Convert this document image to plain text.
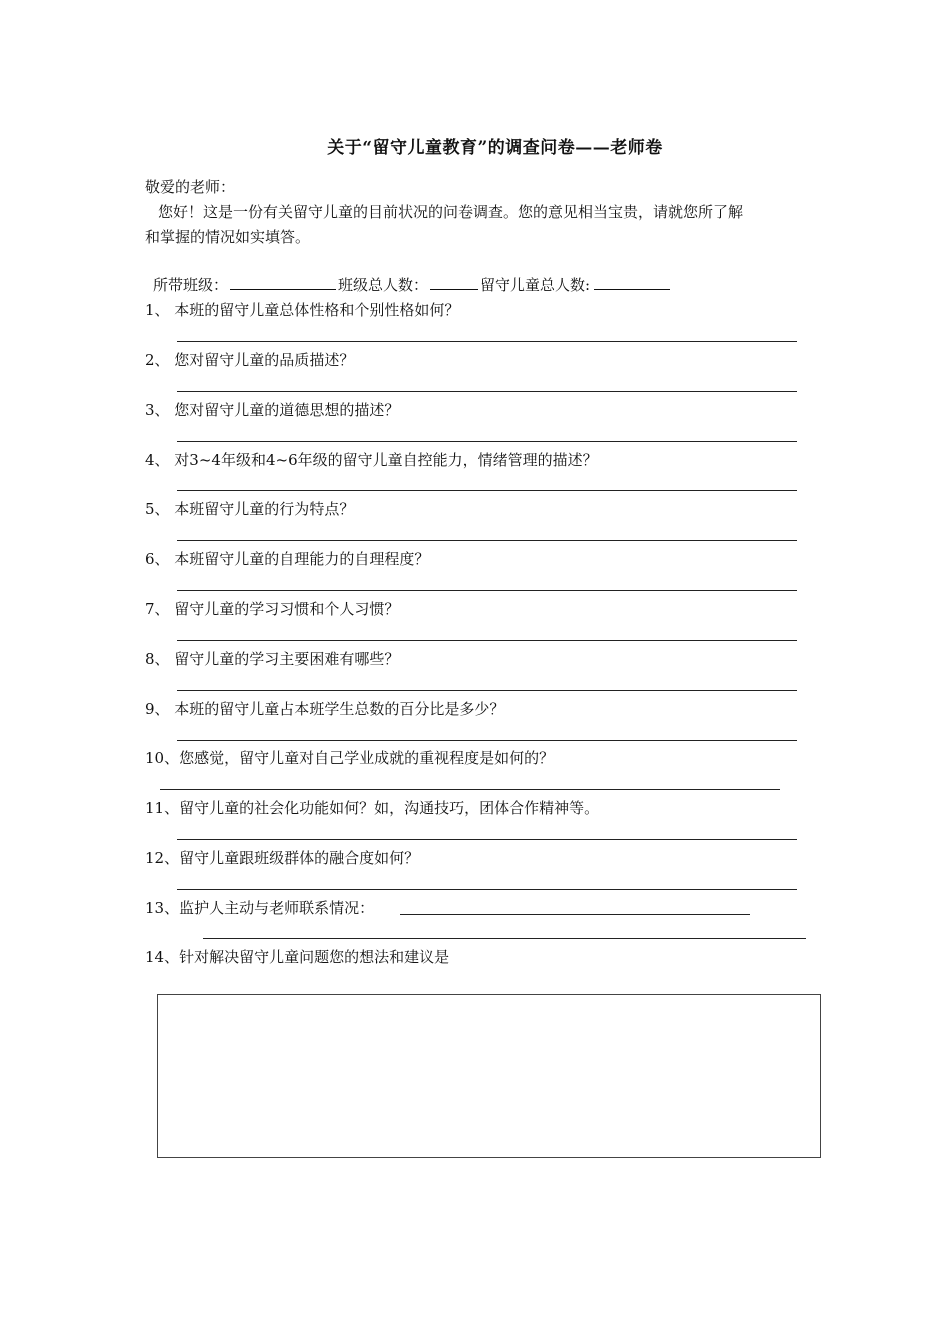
关于“留守儿童教育”的调查问卷——老师卷
敬爱的老师：
您好！这是一份有关留守儿童的目前状况的问卷调查。您的意见相当宝贵，请就您所了解
和掌握的情况如实填答。
所带班级：	班级总人数：	留守儿童总人数:
1、 本班的留守儿童总体性格和个别性格如何？
2、 您对留守儿童的品质描述？
3、 您对留守儿童的道德思想的描述？
4、 对3~4年级和4~6年级的留守儿童自控能力，情绪管理的描述？
5、 本班留守儿童的行为特点？
6、 本班留守儿童的自理能力的自理程度？
7、 留守儿童的学习习惯和个人习惯？
8、 留守儿童的学习主要困难有哪些？
9、 本班的留守儿童占本班学生总数的百分比是多少？
10、您感觉，留守儿童对自己学业成就的重视程度是如何的？
11、留守儿童的社会化功能如何？如，沟通技巧，团体合作精神等。
12、留守儿童跟班级群体的融合度如何？
13、监护人主动与老师联系情况：
14、针对解决留守儿童问题您的想法和建议是
